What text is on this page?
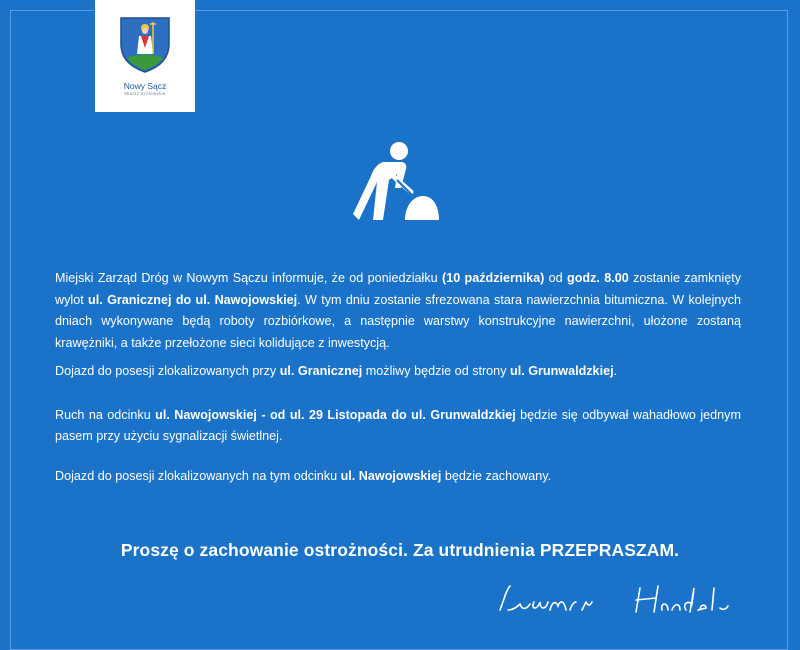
Nowy Sącz
Miasto Królewskie

Miejski Zarząd Dróg w Nowym Sączu informuje, że od poniedziałku (10 października) od godz. 8.00 zostanie zamknięty wylot ul. Granicznej do ul. Nawojowskiej. W tym dniu zostanie sfrezowana stara nawierzchnia bitumiczna. W kolejnych dniach wykonywane będą roboty rozbiórkowe, a następnie warstwy konstrukcyjne nawierzchni, ułożone zostaną krawężniki, a także przełożone sieci kolidujące z inwestycją.

Dojazd do posesji zlokalizowanych przy ul. Granicznej możliwy będzie od strony ul. Grunwaldzkiej.

Ruch na odcinku ul. Nawojowskiej - od ul. 29 Listopada do ul. Grunwaldzkiej będzie się odbywał wahadłowo jednym pasem przy użyciu sygnalizacji świetlnej.

Dojazd do posesji zlokalizowanych na tym odcinku ul. Nawojowskiej będzie zachowany.

Proszę o zachowanie ostrożności. Za utrudnienia PRZEPRASZAM.
